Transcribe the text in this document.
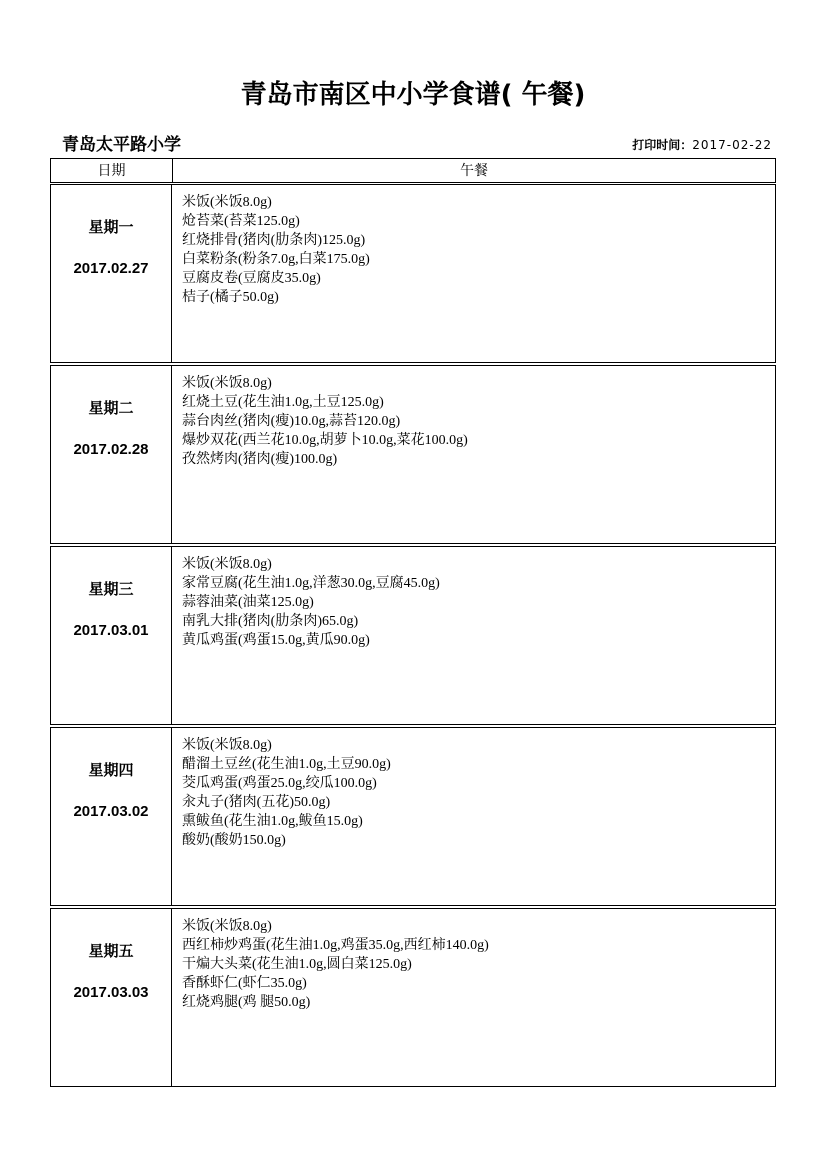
青岛市南区中小学食谱( 午餐)
青岛太平路小学	打印时间：2017-02-22
日期	午餐
星期一
2017.02.27
米饭(米饭8.0g)
炝苔菜(苔菜125.0g)
红烧排骨(猪肉(肋条肉)125.0g)
白菜粉条(粉条7.0g,白菜175.0g)
豆腐皮卷(豆腐皮35.0g)
桔子(橘子50.0g)
星期二
2017.02.28
米饭(米饭8.0g)
红烧土豆(花生油1.0g,土豆125.0g)
蒜台肉丝(猪肉(瘦)10.0g,蒜苔120.0g)
爆炒双花(西兰花10.0g,胡萝卜10.0g,菜花100.0g)
孜然烤肉(猪肉(瘦)100.0g)
星期三
2017.03.01
米饭(米饭8.0g)
家常豆腐(花生油1.0g,洋葱30.0g,豆腐45.0g)
蒜蓉油菜(油菜125.0g)
南乳大排(猪肉(肋条肉)65.0g)
黄瓜鸡蛋(鸡蛋15.0g,黄瓜90.0g)
星期四
2017.03.02
米饭(米饭8.0g)
醋溜土豆丝(花生油1.0g,土豆90.0g)
茭瓜鸡蛋(鸡蛋25.0g,绞瓜100.0g)
汆丸子(猪肉(五花)50.0g)
熏鲅鱼(花生油1.0g,鲅鱼15.0g)
酸奶(酸奶150.0g)
星期五
2017.03.03
米饭(米饭8.0g)
西红柿炒鸡蛋(花生油1.0g,鸡蛋35.0g,西红柿140.0g)
干煸大头菜(花生油1.0g,圆白菜125.0g)
香酥虾仁(虾仁35.0g)
红烧鸡腿(鸡 腿50.0g)
